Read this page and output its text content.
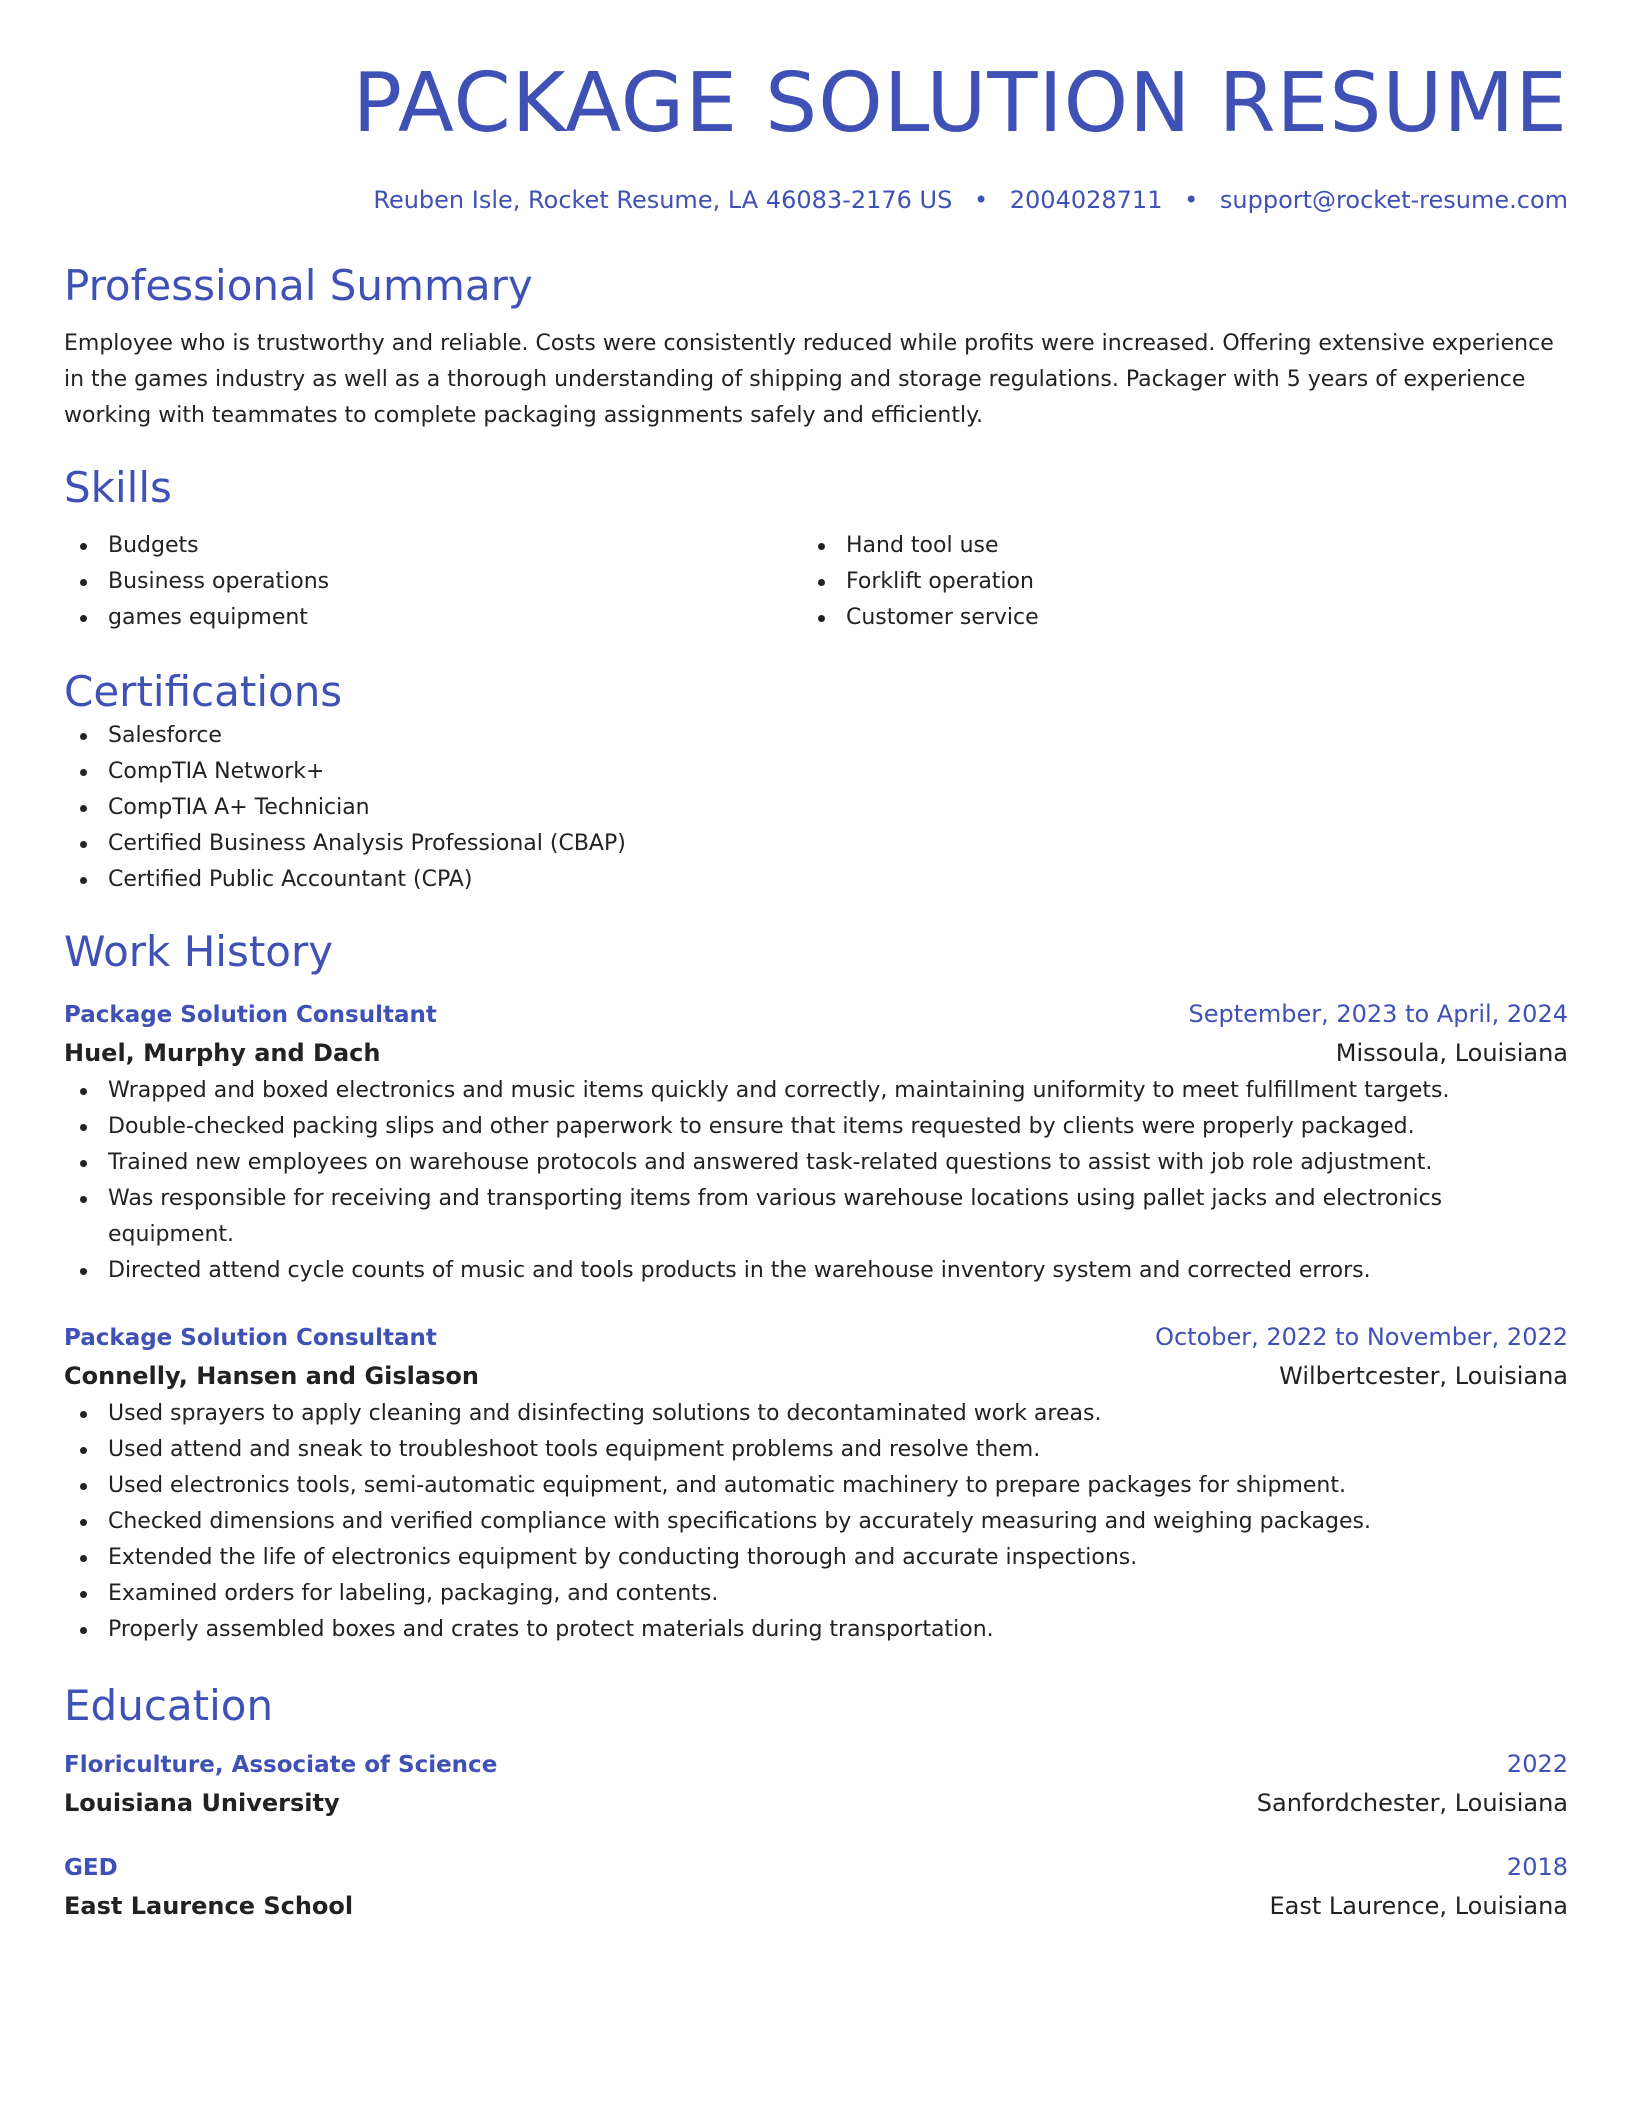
PACKAGE SOLUTION RESUME
Reuben Isle, Rocket Resume, LA 46083-2176 US • 2004028711 • support@rocket-resume.com
Professional Summary
Employee who is trustworthy and reliable. Costs were consistently reduced while profits were increased. Offering extensive experience in the games industry as well as a thorough understanding of shipping and storage regulations. Packager with 5 years of experience working with teammates to complete packaging assignments safely and efficiently.
Skills
Budgets
Business operations
games equipment
Hand tool use
Forklift operation
Customer service
Certifications
Salesforce
CompTIA Network+
CompTIA A+ Technician
Certified Business Analysis Professional (CBAP)
Certified Public Accountant (CPA)
Work History
Package Solution Consultant	September, 2023 to April, 2024
Huel, Murphy and Dach	Missoula, Louisiana
Wrapped and boxed electronics and music items quickly and correctly, maintaining uniformity to meet fulfillment targets.
Double-checked packing slips and other paperwork to ensure that items requested by clients were properly packaged.
Trained new employees on warehouse protocols and answered task-related questions to assist with job role adjustment.
Was responsible for receiving and transporting items from various warehouse locations using pallet jacks and electronics equipment.
Directed attend cycle counts of music and tools products in the warehouse inventory system and corrected errors.
Package Solution Consultant	October, 2022 to November, 2022
Connelly, Hansen and Gislason	Wilbertcester, Louisiana
Used sprayers to apply cleaning and disinfecting solutions to decontaminated work areas.
Used attend and sneak to troubleshoot tools equipment problems and resolve them.
Used electronics tools, semi-automatic equipment, and automatic machinery to prepare packages for shipment.
Checked dimensions and verified compliance with specifications by accurately measuring and weighing packages.
Extended the life of electronics equipment by conducting thorough and accurate inspections.
Examined orders for labeling, packaging, and contents.
Properly assembled boxes and crates to protect materials during transportation.
Education
Floriculture, Associate of Science	2022
Louisiana University	Sanfordchester, Louisiana
GED	2018
East Laurence School	East Laurence, Louisiana
